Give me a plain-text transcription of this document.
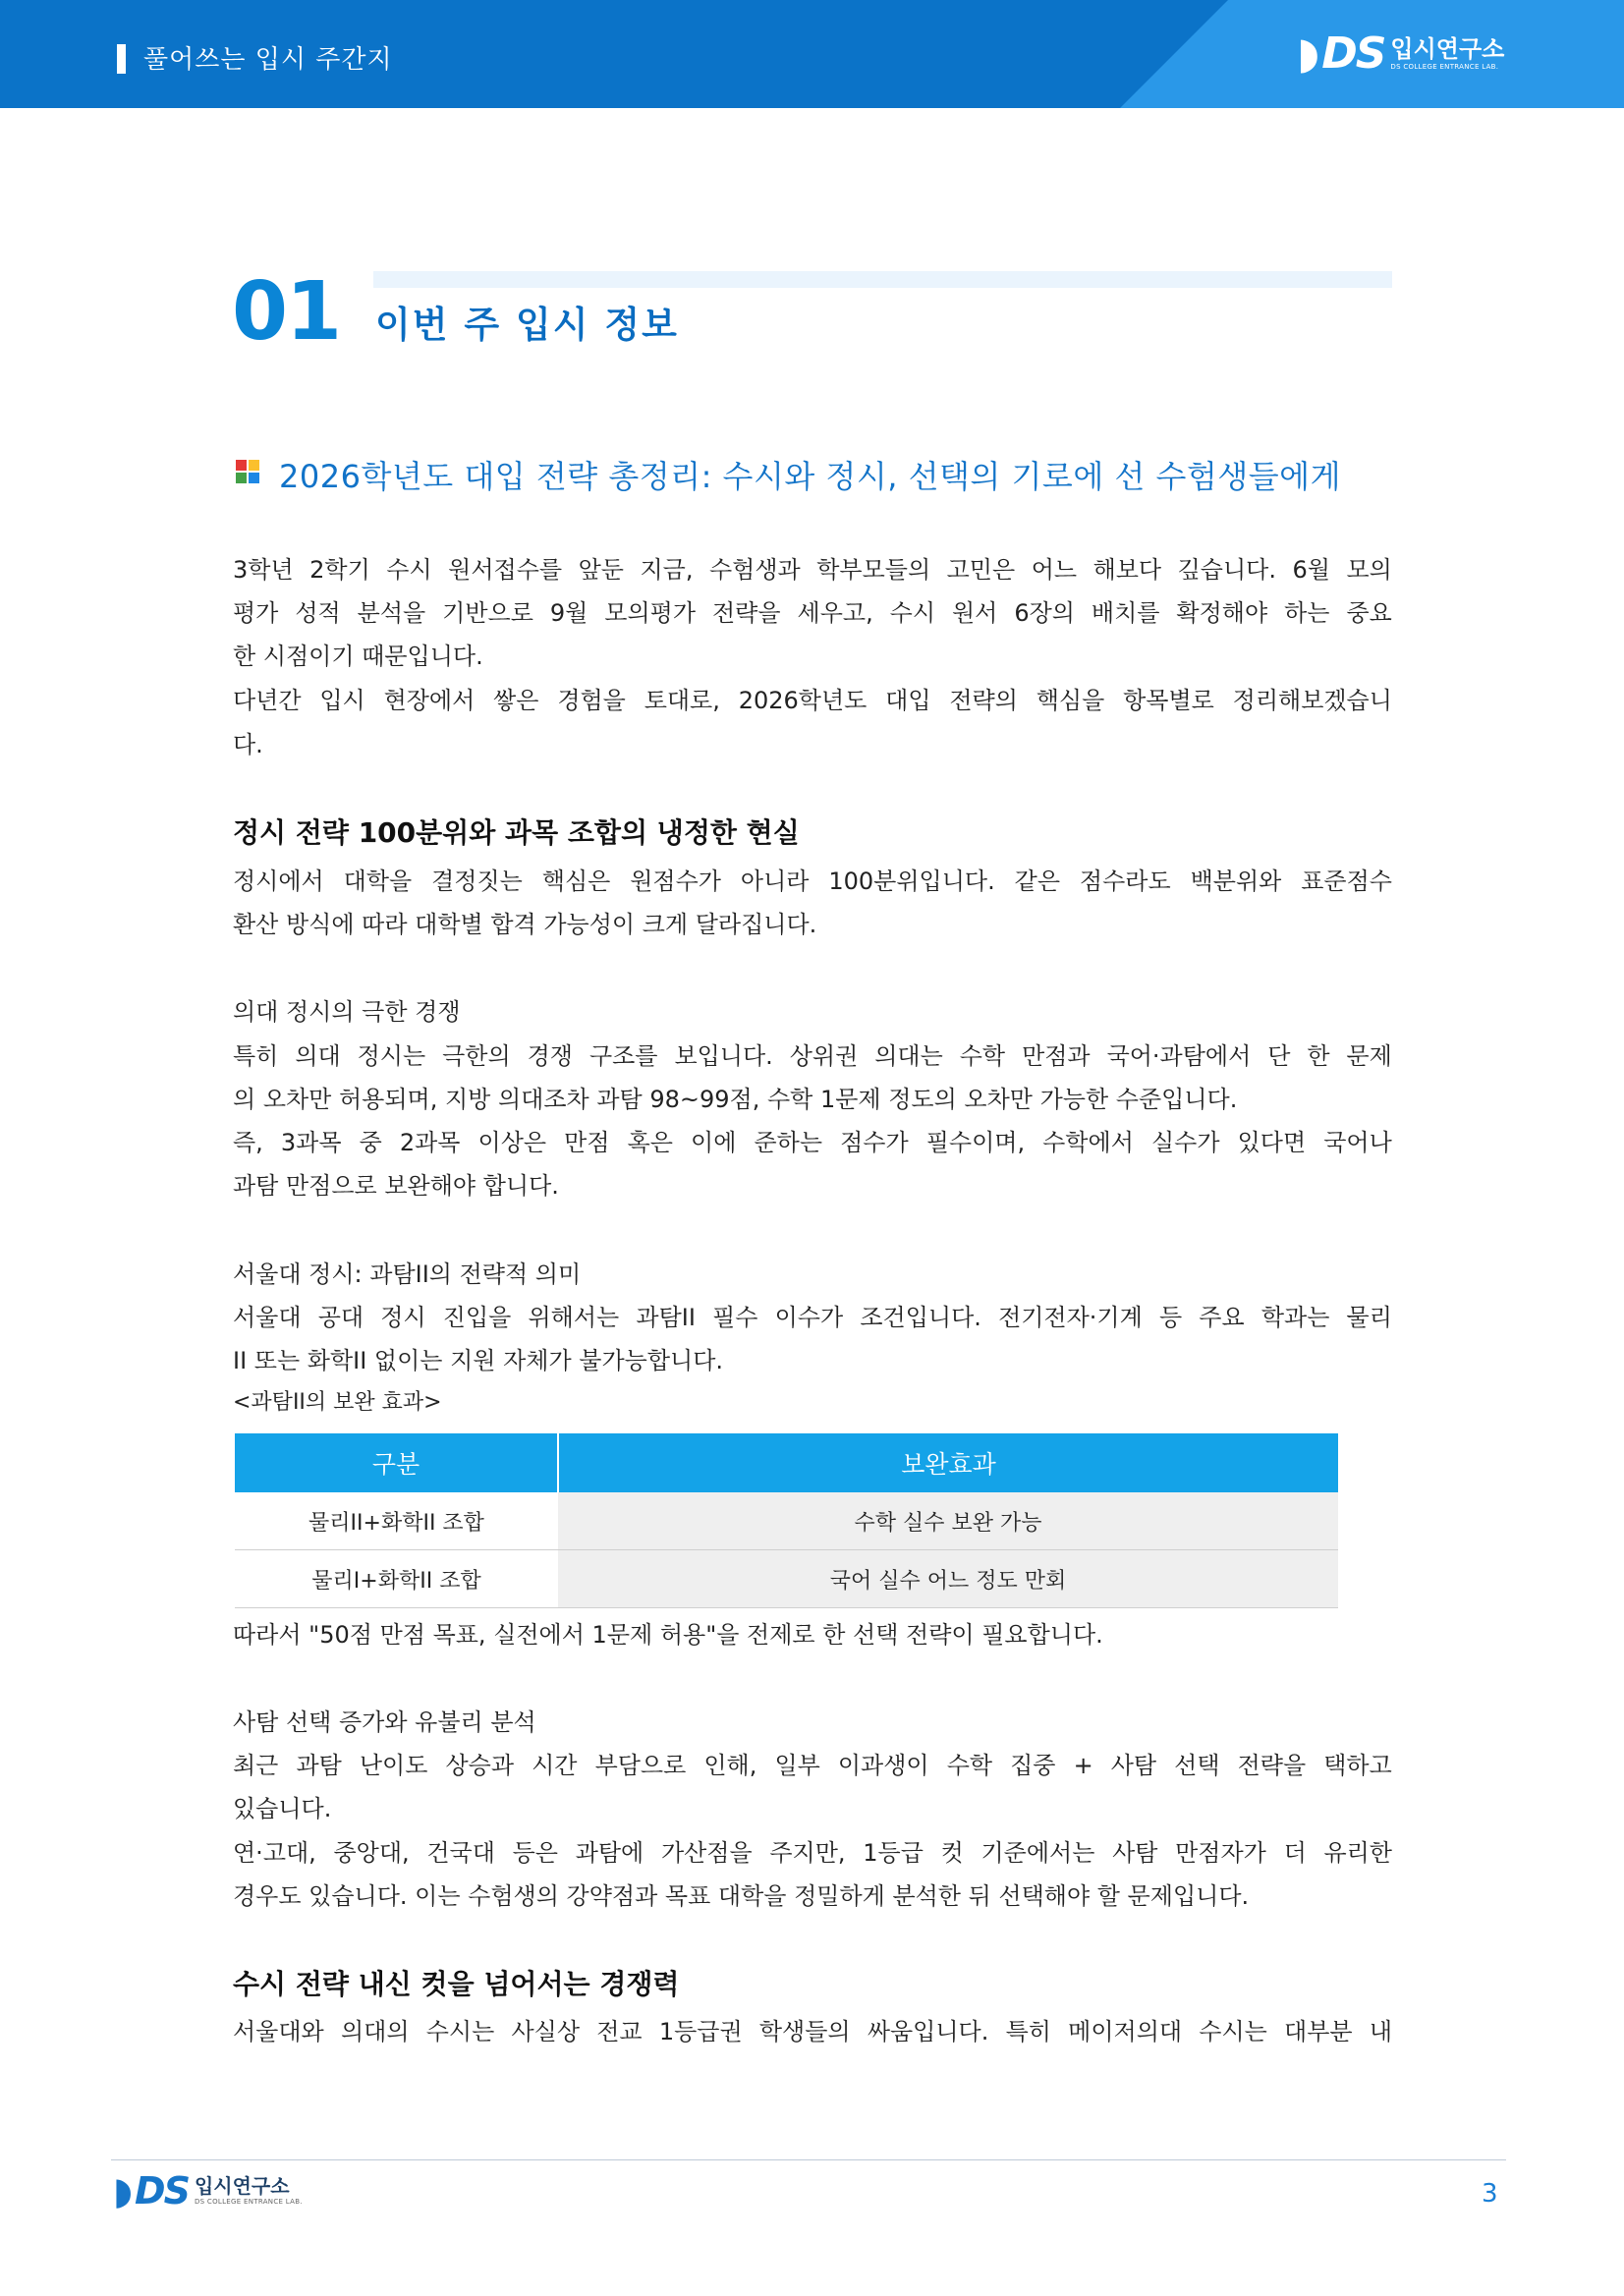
풀어쓰는 입시 주간지	◗ DS 입시연구소
DS COLLEGE ENTRANCE LAB.
01 이번 주 입시 정보
2026학년도 대입 전략 총정리: 수시와 정시, 선택의 기로에 선 수험생들에게
3학년 2학기 수시 원서접수를 앞둔 지금, 수험생과 학부모들의 고민은 어느 해보다 깊습니다. 6월 모의
평가 성적 분석을 기반으로 9월 모의평가 전략을 세우고, 수시 원서 6장의 배치를 확정해야 하는 중요
한 시점이기 때문입니다.
다년간 입시 현장에서 쌓은 경험을 토대로, 2026학년도 대입 전략의 핵심을 항목별로 정리해보겠습니
다.
정시 전략 100분위와 과목 조합의 냉정한 현실
정시에서 대학을 결정짓는 핵심은 원점수가 아니라 100분위입니다. 같은 점수라도 백분위와 표준점수
환산 방식에 따라 대학별 합격 가능성이 크게 달라집니다.
의대 정시의 극한 경쟁
특히 의대 정시는 극한의 경쟁 구조를 보입니다. 상위권 의대는 수학 만점과 국어·과탐에서 단 한 문제
의 오차만 허용되며, 지방 의대조차 과탐 98~99점, 수학 1문제 정도의 오차만 가능한 수준입니다.
즉, 3과목 중 2과목 이상은 만점 혹은 이에 준하는 점수가 필수이며, 수학에서 실수가 있다면 국어나
과탐 만점으로 보완해야 합니다.
서울대 정시: 과탐II의 전략적 의미
서울대 공대 정시 진입을 위해서는 과탐II 필수 이수가 조건입니다. 전기전자·기계 등 주요 학과는 물리
II 또는 화학II 없이는 지원 자체가 불가능합니다.
<과탐II의 보완 효과>
구분	보완효과
물리II+화학II 조합	수학 실수 보완 가능
물리I+화학II 조합	국어 실수 어느 정도 만회
따라서 "50점 만점 목표, 실전에서 1문제 허용"을 전제로 한 선택 전략이 필요합니다.
사탐 선택 증가와 유불리 분석
최근 과탐 난이도 상승과 시간 부담으로 인해, 일부 이과생이 수학 집중 + 사탐 선택 전략을 택하고
있습니다.
연·고대, 중앙대, 건국대 등은 과탐에 가산점을 주지만, 1등급 컷 기준에서는 사탐 만점자가 더 유리한
경우도 있습니다. 이는 수험생의 강약점과 목표 대학을 정밀하게 분석한 뒤 선택해야 할 문제입니다.
수시 전략 내신 컷을 넘어서는 경쟁력
서울대와 의대의 수시는 사실상 전교 1등급권 학생들의 싸움입니다. 특히 메이저의대 수시는 대부분 내
◗ DS 입시연구소
DS COLLEGE ENTRANCE LAB.	3
